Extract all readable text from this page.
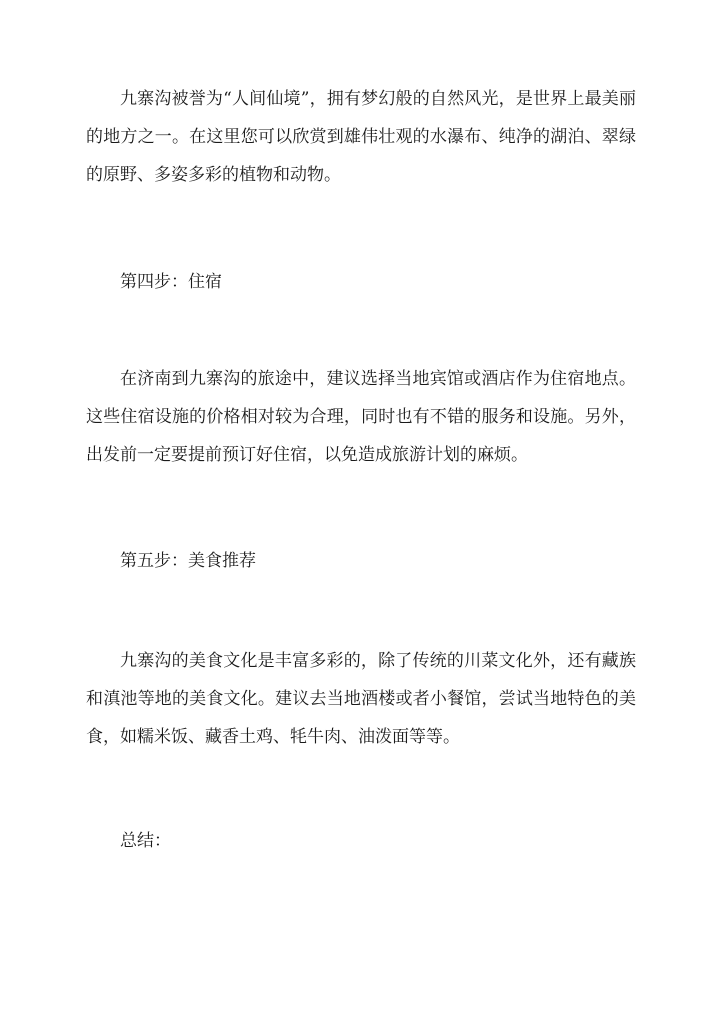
九寨沟被誉为“人间仙境”，拥有梦幻般的自然风光，是世界上最美丽的地方之一。在这里您可以欣赏到雄伟壮观的水瀑布、纯净的湖泊、翠绿的原野、多姿多彩的植物和动物。

第四步：住宿

在济南到九寨沟的旅途中，建议选择当地宾馆或酒店作为住宿地点。这些住宿设施的价格相对较为合理，同时也有不错的服务和设施。另外，出发前一定要提前预订好住宿，以免造成旅游计划的麻烦。

第五步：美食推荐

九寨沟的美食文化是丰富多彩的，除了传统的川菜文化外，还有藏族和滇池等地的美食文化。建议去当地酒楼或者小餐馆，尝试当地特色的美食，如糯米饭、藏香土鸡、牦牛肉、油泼面等等。

总结：
